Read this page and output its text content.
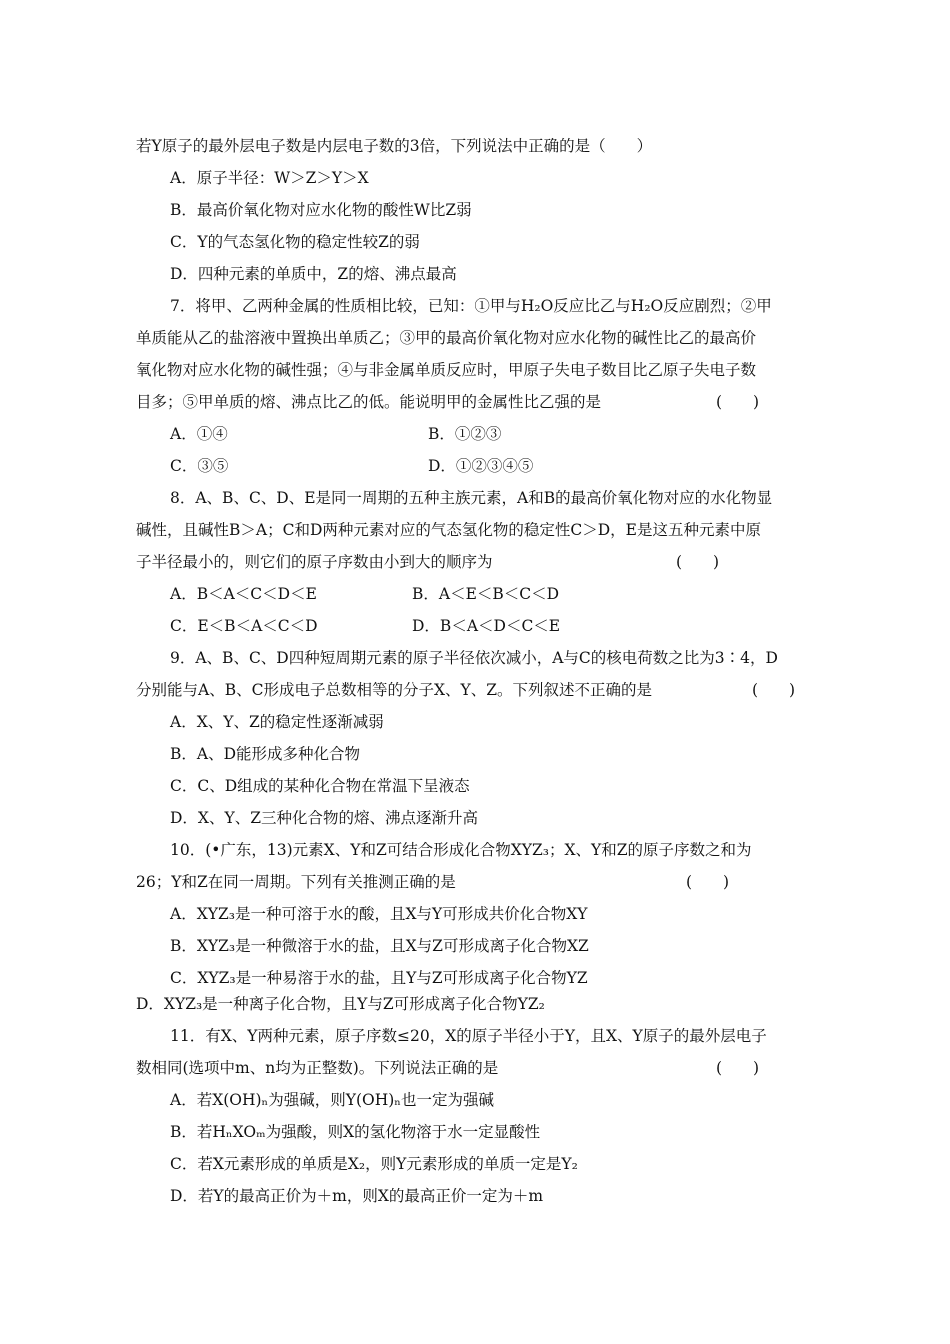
若Y原子的最外层电子数是内层电子数的3倍，下列说法中正确的是（　　）
A．原子半径：W＞Z＞Y＞X
B．最高价氧化物对应水化物的酸性W比Z弱
C．Y的气态氢化物的稳定性较Z的弱
D．四种元素的单质中，Z的熔、沸点最高
7．将甲、乙两种金属的性质相比较，已知：①甲与H₂O反应比乙与H₂O反应剧烈；②甲
单质能从乙的盐溶液中置换出单质乙；③甲的最高价氧化物对应水化物的碱性比乙的最高价
氧化物对应水化物的碱性强；④与非金属单质反应时，甲原子失电子数目比乙原子失电子数
目多；⑤甲单质的熔、沸点比乙的低。能说明甲的金属性比乙强的是	(　　)
A．①④	B．①②③
C．③⑤	D．①②③④⑤
8．A、B、C、D、E是同一周期的五种主族元素，A和B的最高价氧化物对应的水化物显
碱性，且碱性B＞A；C和D两种元素对应的气态氢化物的稳定性C＞D，E是这五种元素中原
子半径最小的，则它们的原子序数由小到大的顺序为	(　　)
A．B＜A＜C＜D＜E	B．A＜E＜B＜C＜D
C．E＜B＜A＜C＜D	D．B＜A＜D＜C＜E
9．A、B、C、D四种短周期元素的原子半径依次减小，A与C的核电荷数之比为3∶4，D
分别能与A、B、C形成电子总数相等的分子X、Y、Z。下列叙述不正确的是	(　　)
A．X、Y、Z的稳定性逐渐减弱
B．A、D能形成多种化合物
C．C、D组成的某种化合物在常温下呈液态
D．X、Y、Z三种化合物的熔、沸点逐渐升高
10．(•广东，13)元素X、Y和Z可结合形成化合物XYZ₃；X、Y和Z的原子序数之和为
26；Y和Z在同一周期。下列有关推测正确的是	(　　)
A．XYZ₃是一种可溶于水的酸，且X与Y可形成共价化合物XY
B．XYZ₃是一种微溶于水的盐，且X与Z可形成离子化合物XZ
C．XYZ₃是一种易溶于水的盐，且Y与Z可形成离子化合物YZ
D．XYZ₃是一种离子化合物，且Y与Z可形成离子化合物YZ₂
11．有X、Y两种元素，原子序数≤20，X的原子半径小于Y，且X、Y原子的最外层电子
数相同(选项中m、n均为正整数)。下列说法正确的是	(　　)
A．若X(OH)ₙ为强碱，则Y(OH)ₙ也一定为强碱
B．若HₙXOₘ为强酸，则X的氢化物溶于水一定显酸性
C．若X元素形成的单质是X₂，则Y元素形成的单质一定是Y₂
D．若Y的最高正价为＋m，则X的最高正价一定为＋m
